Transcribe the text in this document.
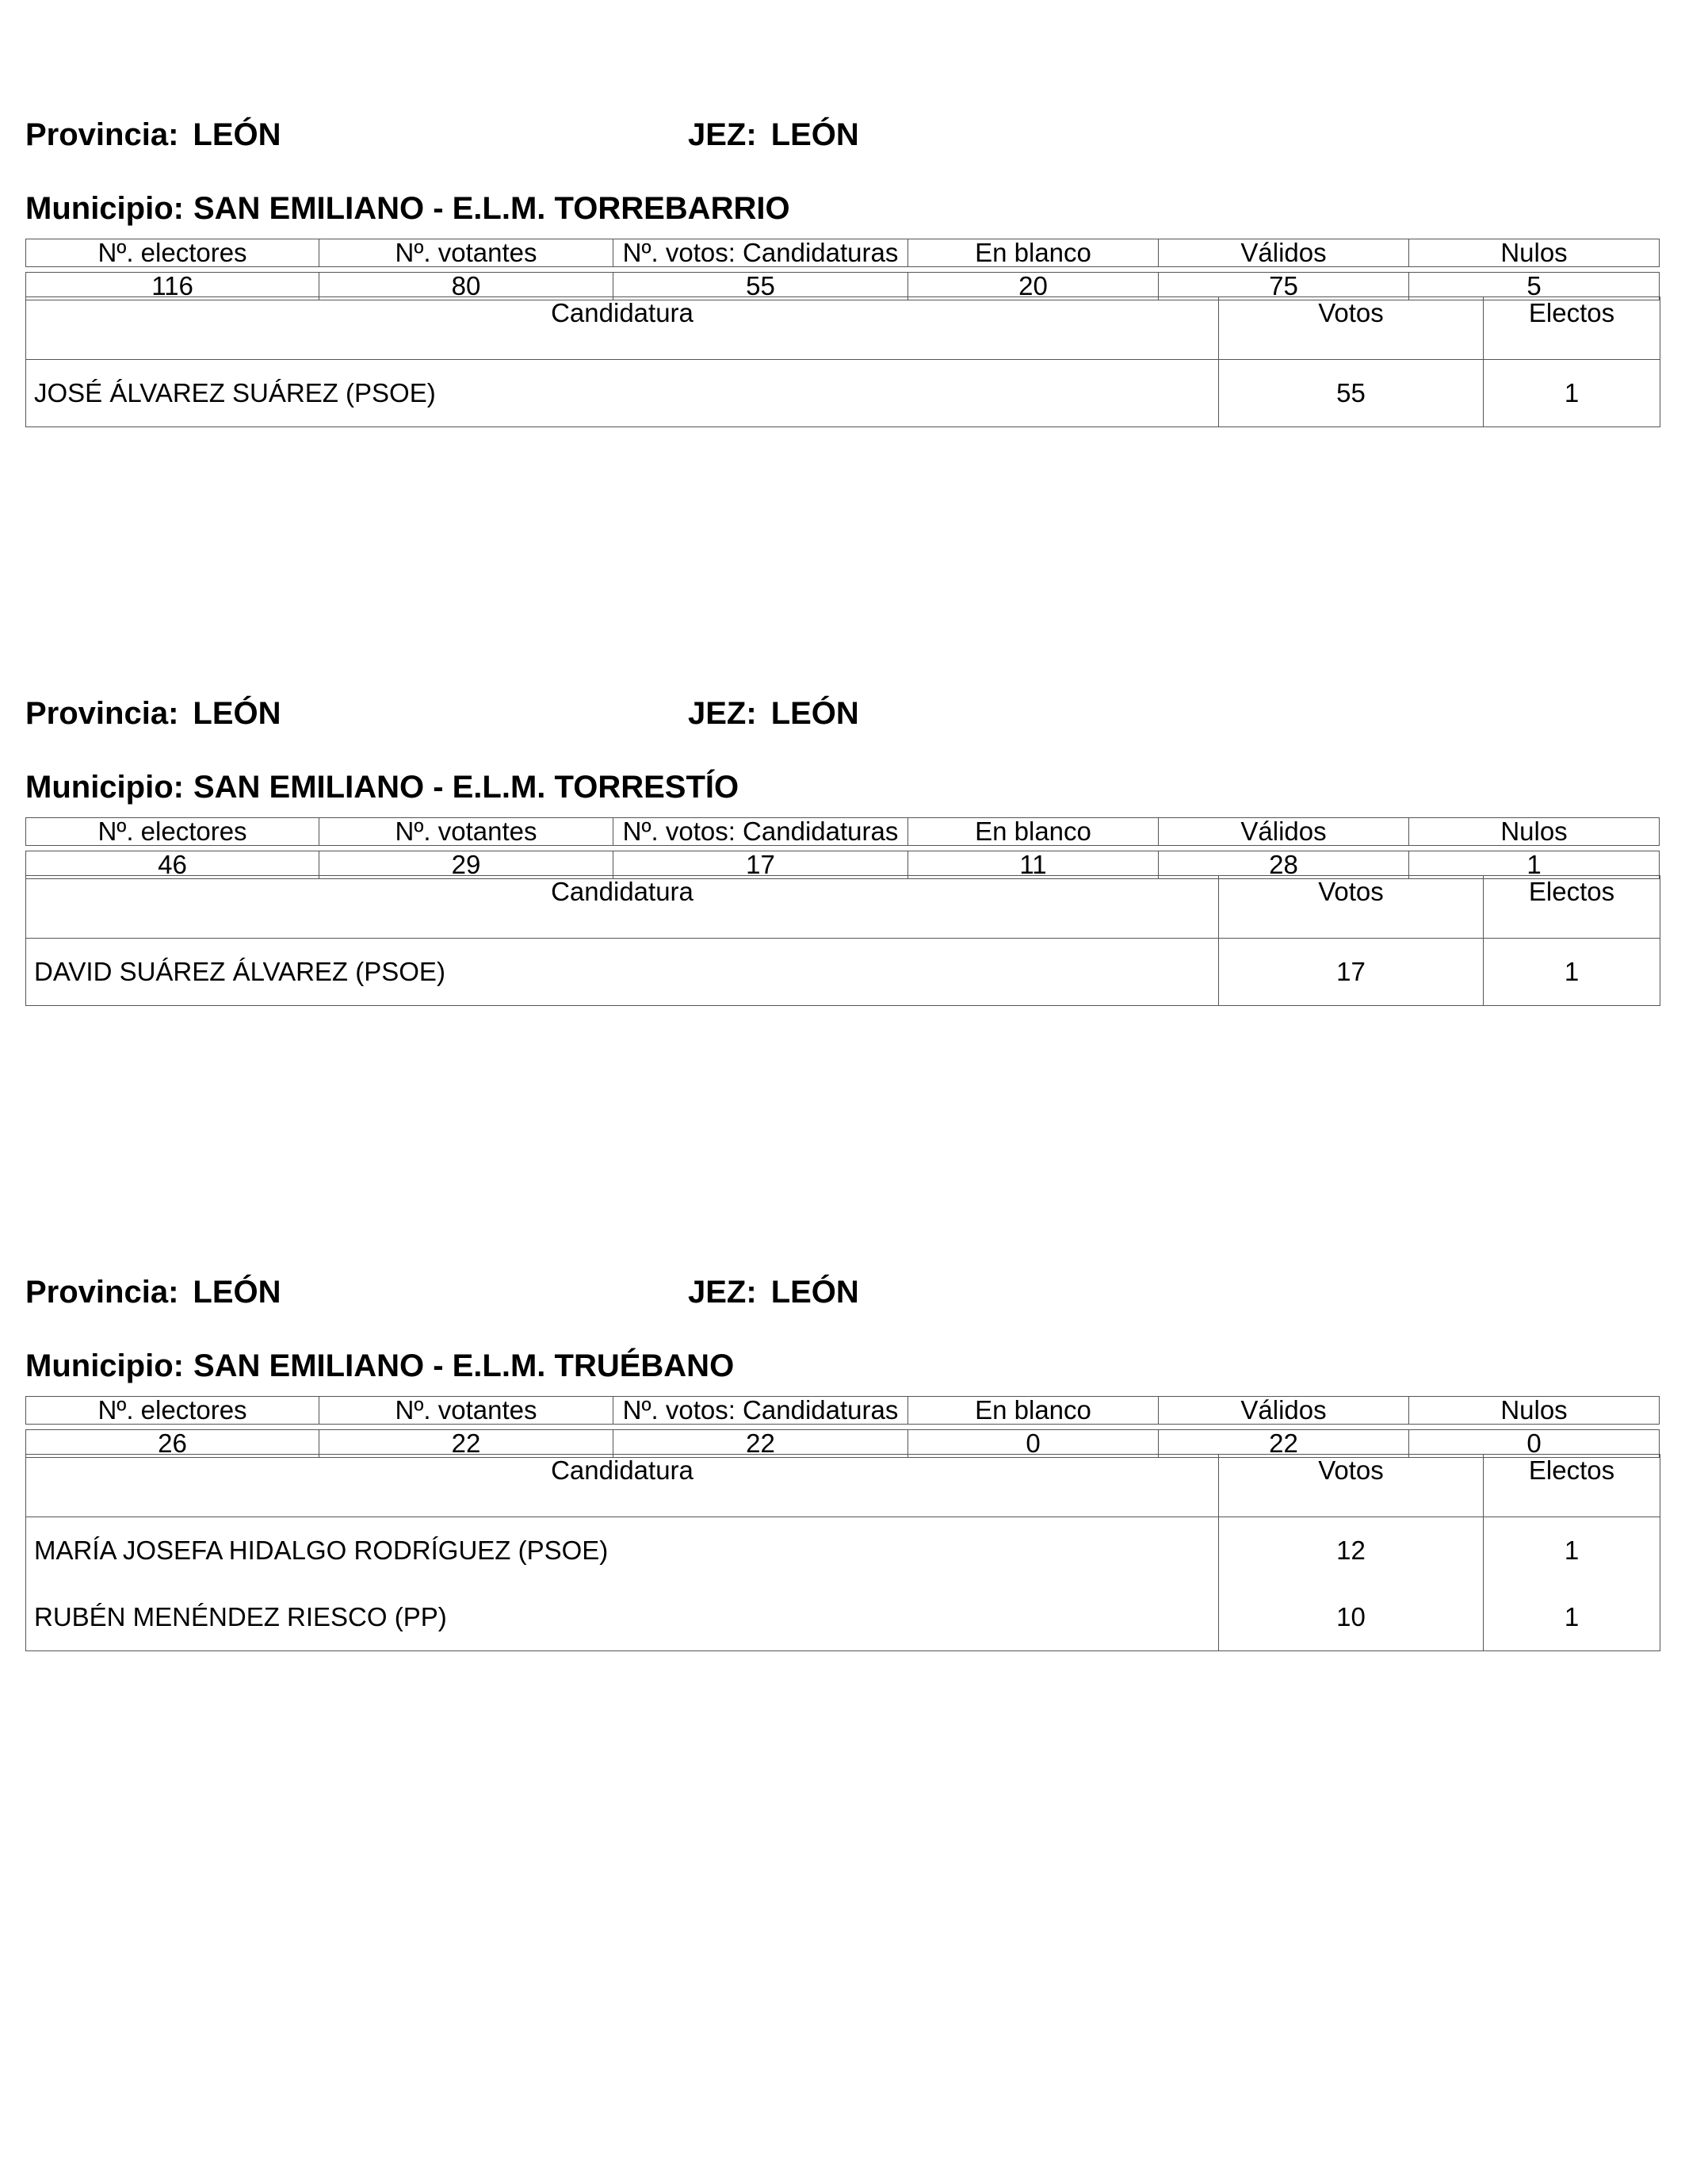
Provincia: LEÓN	JEZ: LEÓN
Municipio: SAN EMILIANO - E.L.M. TORREBARRIO
Nº. electores	Nº. votantes	Nº. votos: Candidaturas	En blanco	Válidos	Nulos
116	80	55	20	75	5
Candidatura	Votos	Electos
JOSÉ ÁLVAREZ SUÁREZ (PSOE)	55	1
Provincia: LEÓN	JEZ: LEÓN
Municipio: SAN EMILIANO - E.L.M. TORRESTÍO
Nº. electores	Nº. votantes	Nº. votos: Candidaturas	En blanco	Válidos	Nulos
46	29	17	11	28	1
Candidatura	Votos	Electos
DAVID SUÁREZ ÁLVAREZ (PSOE)	17	1
Provincia: LEÓN	JEZ: LEÓN
Municipio: SAN EMILIANO - E.L.M. TRUÉBANO
Nº. electores	Nº. votantes	Nº. votos: Candidaturas	En blanco	Válidos	Nulos
26	22	22	0	22	0
Candidatura	Votos	Electos
MARÍA JOSEFA HIDALGO RODRÍGUEZ (PSOE)	12	1
RUBÉN MENÉNDEZ RIESCO (PP)	10	1
